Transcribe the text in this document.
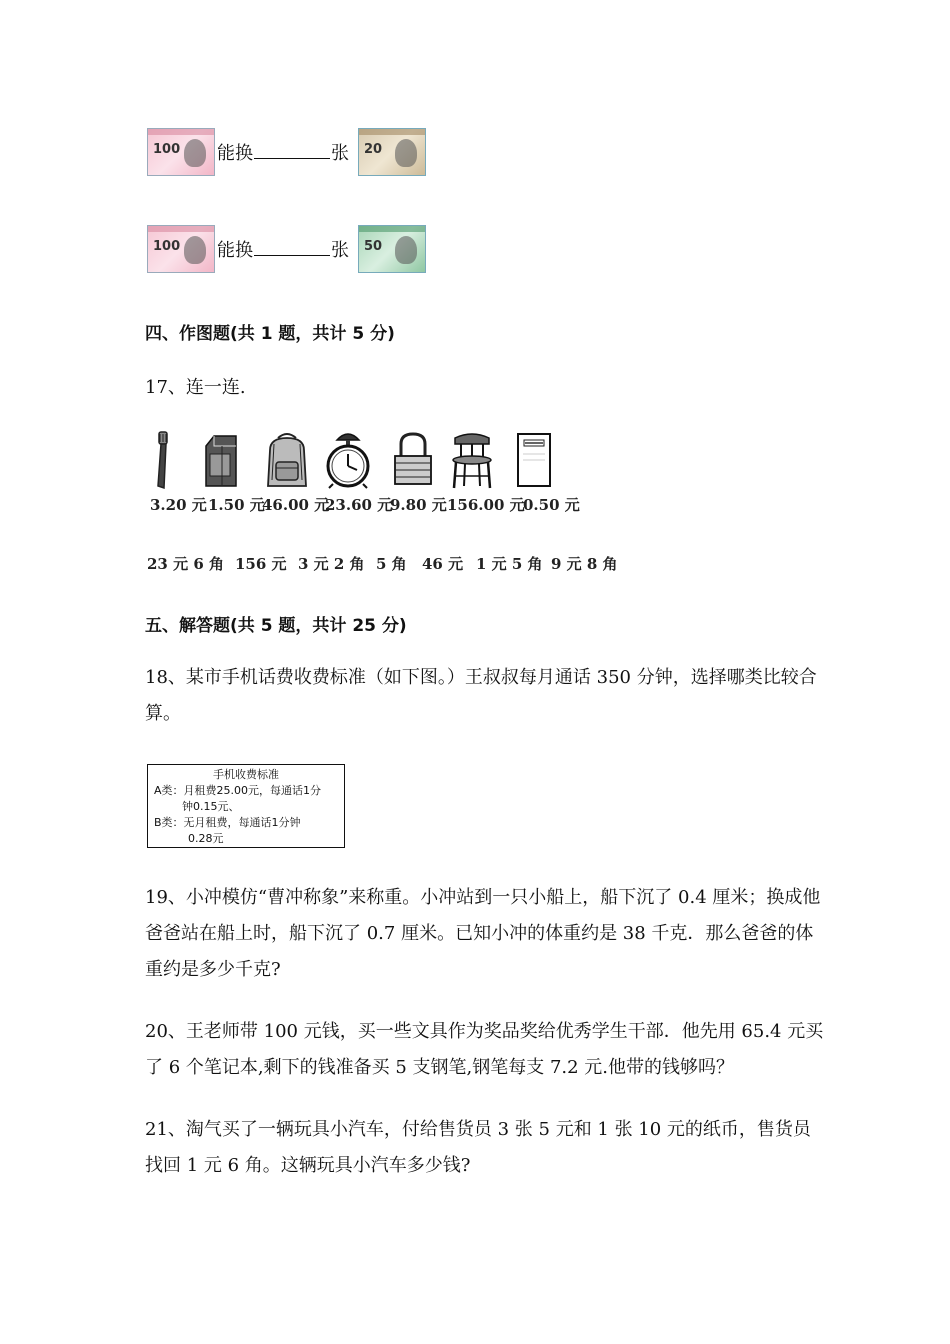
100 能换	张 20
100 能换	张 50
四、作图题(共 1 题，共计 5 分)
17、连一连.
3.20 元 1.50 元
46.00 元
23.60 元
9.80 元 156.00 元
0.50 元
23 元 6 角 156 元 3 元 2 角 5 角 46 元 1 元 5 角 9 元 8 角
五、解答题(共 5 题，共计 25 分)
18、某市手机话费收费标准（如下图。）王叔叔每月通话 350 分钟，选择哪类比较合算。
手机收费标准
A类：月租费25.00元，每通话1分
钟0.15元、
B类：无月租费，每通话1分钟
0.28元
19、小冲模仿“曹冲称象”来称重。小冲站到一只小船上，船下沉了 0.4 厘米；换成他爸爸站在船上时，船下沉了 0.7 厘米。已知小冲的体重约是 38 千克．那么爸爸的体重约是多少千克?
20、王老师带 100 元钱，买一些文具作为奖品奖给优秀学生干部．他先用 65.4 元买了 6 个笔记本,剩下的钱准备买 5 支钢笔,钢笔每支 7.2 元.他带的钱够吗？
21、淘气买了一辆玩具小汽车，付给售货员 3 张 5 元和 1 张 10 元的纸币，售货员找回 1 元 6 角。这辆玩具小汽车多少钱?
